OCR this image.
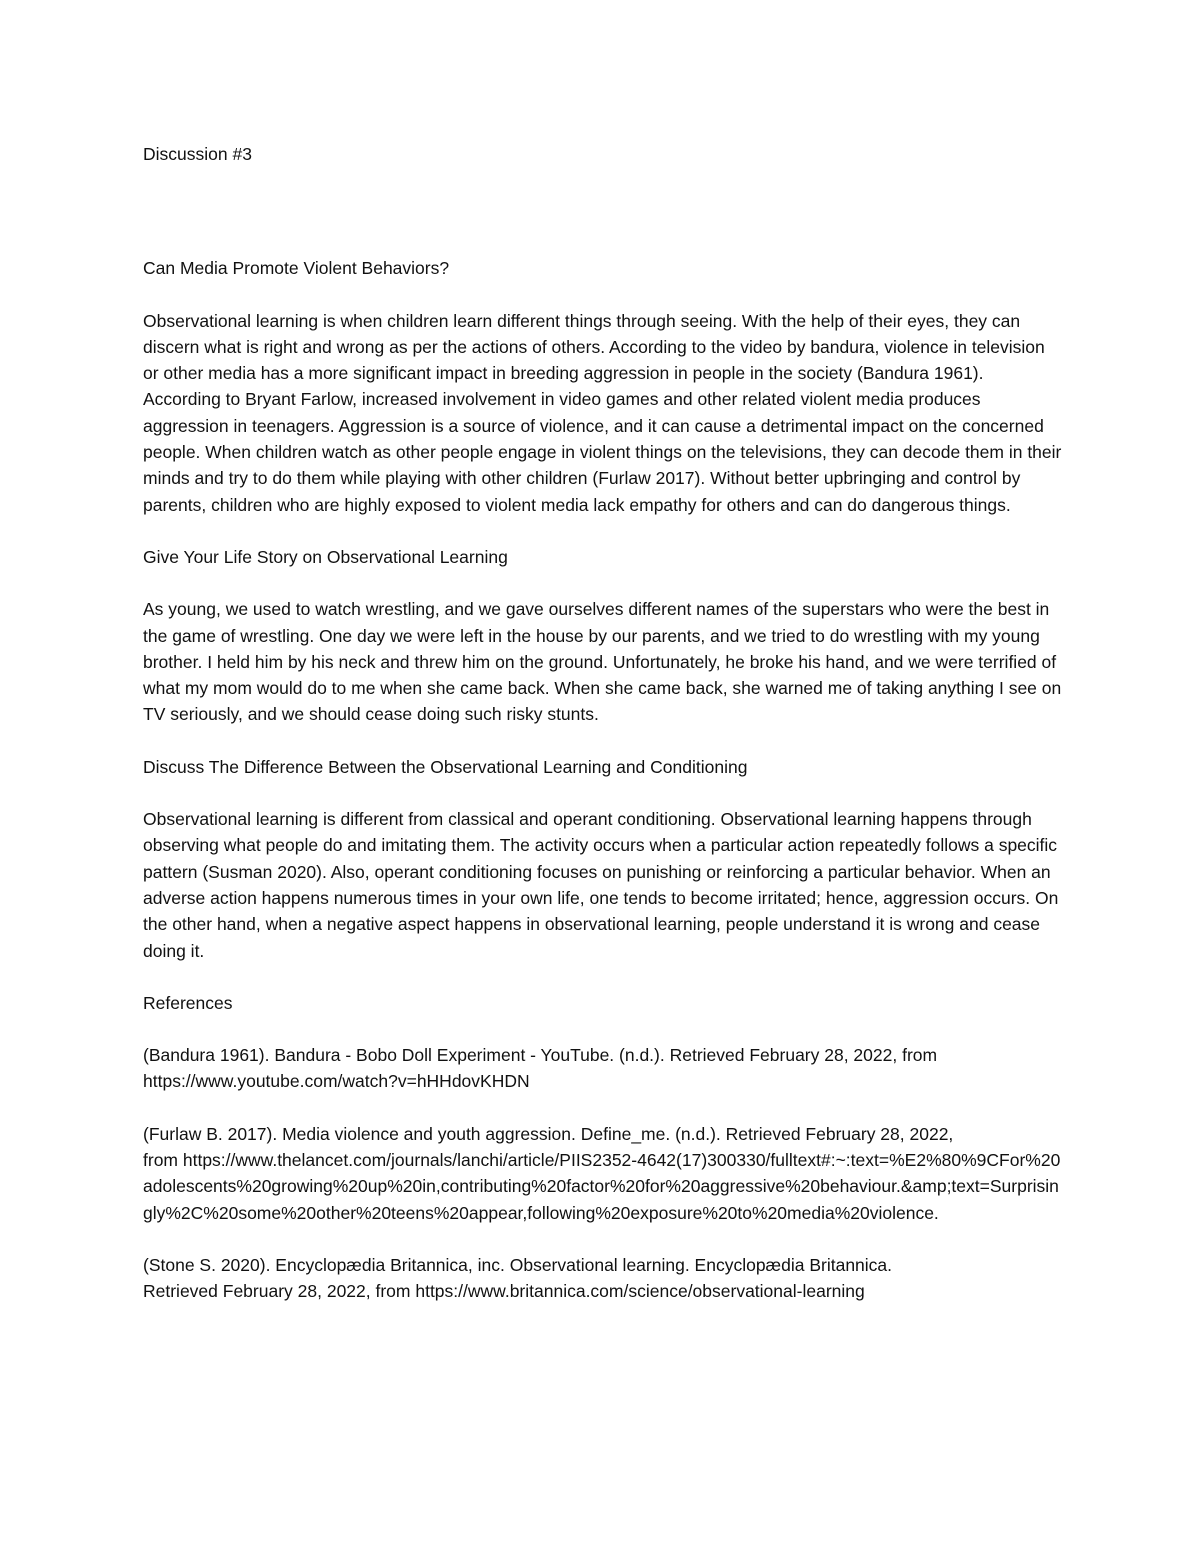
Discussion #3

Can Media Promote Violent Behaviors?

Observational learning is when children learn different things through seeing. With the help of their eyes, they can discern what is right and wrong as per the actions of others. According to the video by bandura, violence in television or other media has a more significant impact in breeding aggression in people in the society (Bandura 1961). According to Bryant Farlow, increased involvement in video games and other related violent media produces aggression in teenagers. Aggression is a source of violence, and it can cause a detrimental impact on the concerned people. When children watch as other people engage in violent things on the televisions, they can decode them in their minds and try to do them while playing with other children (Furlaw 2017). Without better upbringing and control by parents, children who are highly exposed to violent media lack empathy for others and can do dangerous things.

Give Your Life Story on Observational Learning

As young, we used to watch wrestling, and we gave ourselves different names of the superstars who were the best in the game of wrestling. One day we were left in the house by our parents, and we tried to do wrestling with my young brother. I held him by his neck and threw him on the ground. Unfortunately, he broke his hand, and we were terrified of what my mom would do to me when she came back. When she came back, she warned me of taking anything I see on TV seriously, and we should cease doing such risky stunts.

Discuss The Difference Between the Observational Learning and Conditioning

Observational learning is different from classical and operant conditioning. Observational learning happens through observing what people do and imitating them. The activity occurs when a particular action repeatedly follows a specific pattern (Susman 2020). Also, operant conditioning focuses on punishing or reinforcing a particular behavior. When an adverse action happens numerous times in your own life, one tends to become irritated; hence, aggression occurs. On the other hand, when a negative aspect happens in observational learning, people understand it is wrong and cease doing it.

References

(Bandura 1961). Bandura - Bobo Doll Experiment - YouTube. (n.d.). Retrieved February 28, 2022, from

https://www.youtube.com/watch?v=hHHdovKHDN

(Furlaw B. 2017). Media violence and youth aggression. Define_me. (n.d.). Retrieved February 28, 2022,

from https://www.thelancet.com/journals/lanchi/article/PIIS2352-4642(17)300330/fulltext#:~:text=%E2%80%9CFor%20adolescents%20growing%20up%20in,contributing%20factor%20for%20aggressive%20behaviour.&amp;text=Surprisingly%2C%20some%20other%20teens%20appear,following%20exposure%20to%20media%20violence.

(Stone S. 2020). Encyclopædia Britannica, inc. Observational learning. Encyclopædia Britannica.

Retrieved February 28, 2022, from https://www.britannica.com/science/observational-learning
